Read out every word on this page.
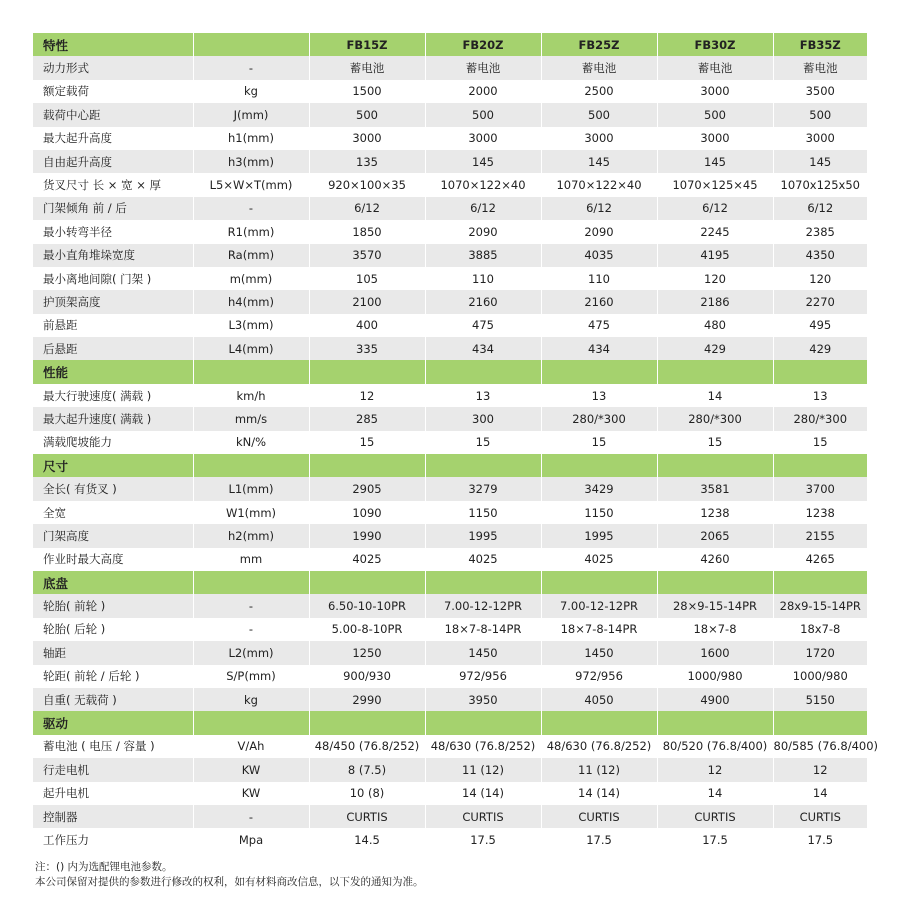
特性		FB15Z	FB20Z	FB25Z	FB30Z	FB35Z
动力形式	-	蓄电池	蓄电池	蓄电池	蓄电池	蓄电池
额定载荷	kg	1500	2000	2500	3000	3500
载荷中心距	J(mm)	500	500	500	500	500
最大起升高度	h1(mm)	3000	3000	3000	3000	3000
自由起升高度	h3(mm)	135	145	145	145	145
货叉尺寸 长 × 宽 × 厚	L5×W×T(mm)	920×100×35	1070×122×40	1070×122×40	1070×125×45	1070x125x50
门架倾角 前 / 后	-	6/12	6/12	6/12	6/12	6/12
最小转弯半径	R1(mm)	1850	2090	2090	2245	2385
最小直角堆垛宽度	Ra(mm)	3570	3885	4035	4195	4350
最小离地间隙( 门架 )	m(mm)	105	110	110	120	120
护顶架高度	h4(mm)	2100	2160	2160	2186	2270
前悬距	L3(mm)	400	475	475	480	495
后悬距	L4(mm)	335	434	434	429	429
性能						
最大行驶速度( 满载 )	km/h	12	13	13	14	13
最大起升速度( 满载 )	mm/s	285	300	280/*300	280/*300	280/*300
满载爬坡能力	kN/%	15	15	15	15	15
尺寸						
全长( 有货叉 )	L1(mm)	2905	3279	3429	3581	3700
全宽	W1(mm)	1090	1150	1150	1238	1238
门架高度	h2(mm)	1990	1995	1995	2065	2155
作业时最大高度	mm	4025	4025	4025	4260	4265
底盘						
轮胎( 前轮 )	-	6.50-10-10PR	7.00-12-12PR	7.00-12-12PR	28×9-15-14PR	28x9-15-14PR
轮胎( 后轮 )	-	5.00-8-10PR	18×7-8-14PR	18×7-8-14PR	18×7-8	18x7-8
轴距	L2(mm)	1250	1450	1450	1600	1720
轮距( 前轮 / 后轮 )	S/P(mm)	900/930	972/956	972/956	1000/980	1000/980
自重( 无载荷 )	kg	2990	3950	4050	4900	5150
驱动						
蓄电池 ( 电压 / 容量 )	V/Ah	48/450 (76.8/252)	48/630 (76.8/252)	48/630 (76.8/252)	80/520 (76.8/400)	80/585 (76.8/400)
行走电机	KW	8 (7.5)	11 (12)	11 (12)	12	12
起升电机	KW	10 (8)	14 (14)	14 (14)	14	14
控制器	-	CURTIS	CURTIS	CURTIS	CURTIS	CURTIS
工作压力	Mpa	14.5	17.5	17.5	17.5	17.5
注：() 内为选配锂电池参数。
本公司保留对提供的参数进行修改的权利，如有材料商改信息，以下发的通知为准。
